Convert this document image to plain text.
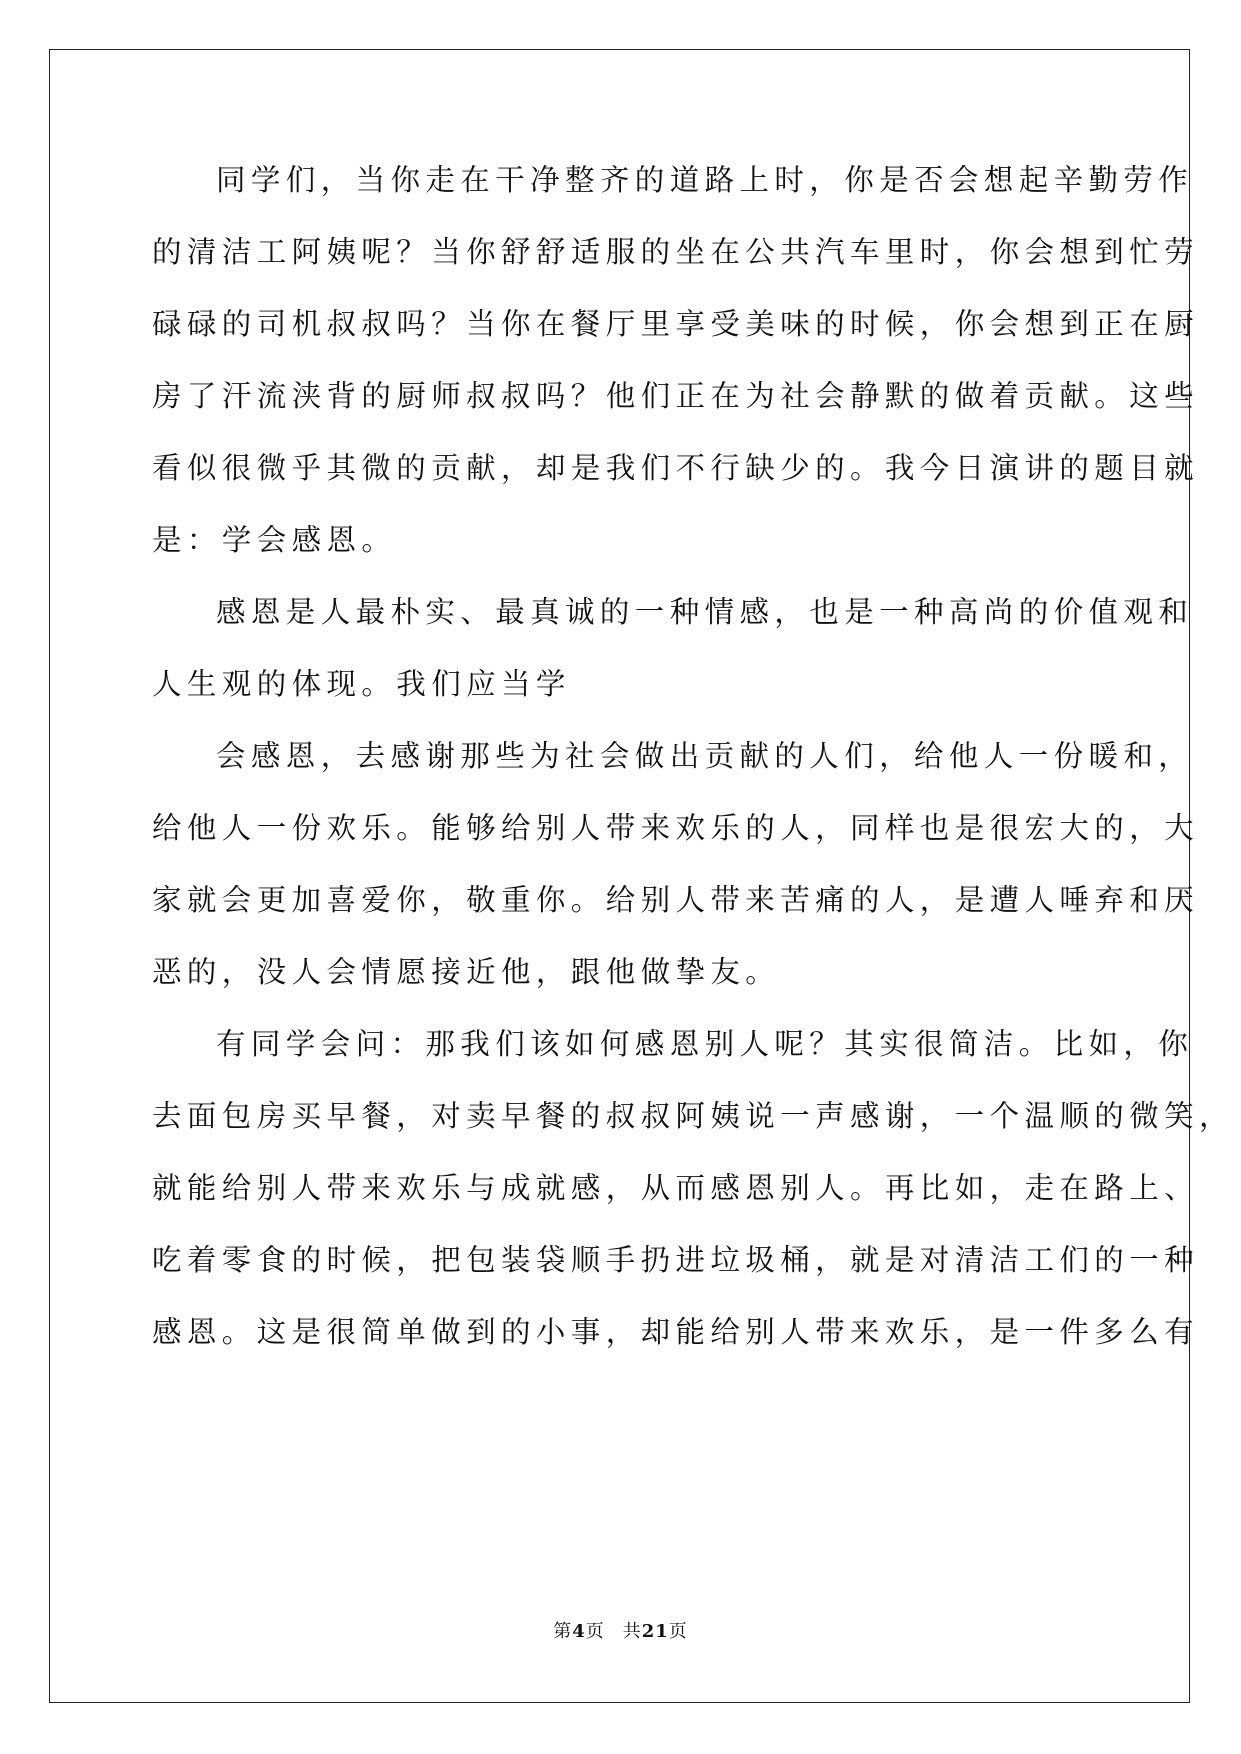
同学们，当你走在干净整齐的道路上时，你是否会想起辛勤劳作
的清洁工阿姨呢？当你舒舒适服的坐在公共汽车里时，你会想到忙劳
碌碌的司机叔叔吗？当你在餐厅里享受美味的时候，你会想到正在厨
房了汗流浃背的厨师叔叔吗？他们正在为社会静默的做着贡献。这些
看似很微乎其微的贡献，却是我们不行缺少的。我今日演讲的题目就
是：学会感恩。
感恩是人最朴实、最真诚的一种情感，也是一种高尚的价值观和
人生观的体现。我们应当学
会感恩，去感谢那些为社会做出贡献的人们，给他人一份暖和，
给他人一份欢乐。能够给别人带来欢乐的人，同样也是很宏大的，大
家就会更加喜爱你，敬重你。给别人带来苦痛的人，是遭人唾弃和厌
恶的，没人会情愿接近他，跟他做挚友。
有同学会问：那我们该如何感恩别人呢？其实很简洁。比如，你
去面包房买早餐，对卖早餐的叔叔阿姨说一声感谢，一个温顺的微笑，
就能给别人带来欢乐与成就感，从而感恩别人。再比如，走在路上、
吃着零食的时候，把包装袋顺手扔进垃圾桶，就是对清洁工们的一种
感恩。这是很简单做到的小事，却能给别人带来欢乐，是一件多么有
第4页 共21页
